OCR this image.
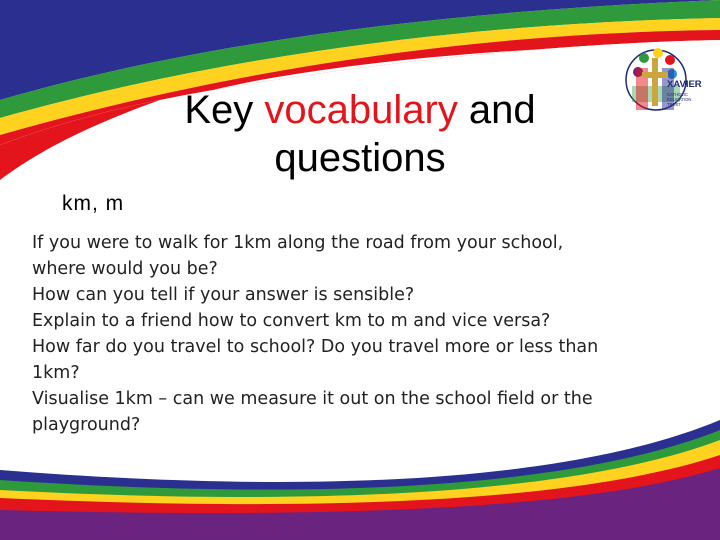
XAVIER
CATHOLIC
EDUCATION
TRUST
Key vocabulary and
questions
km, m
If you were to walk for 1km along the road from your school,
where would you be?
How can you tell if your answer is sensible?
Explain to a friend how to convert km to m and vice versa?
How far do you travel to school? Do you travel more or less than
1km?
Visualise 1km – can we measure it out on the school field or the
playground?
